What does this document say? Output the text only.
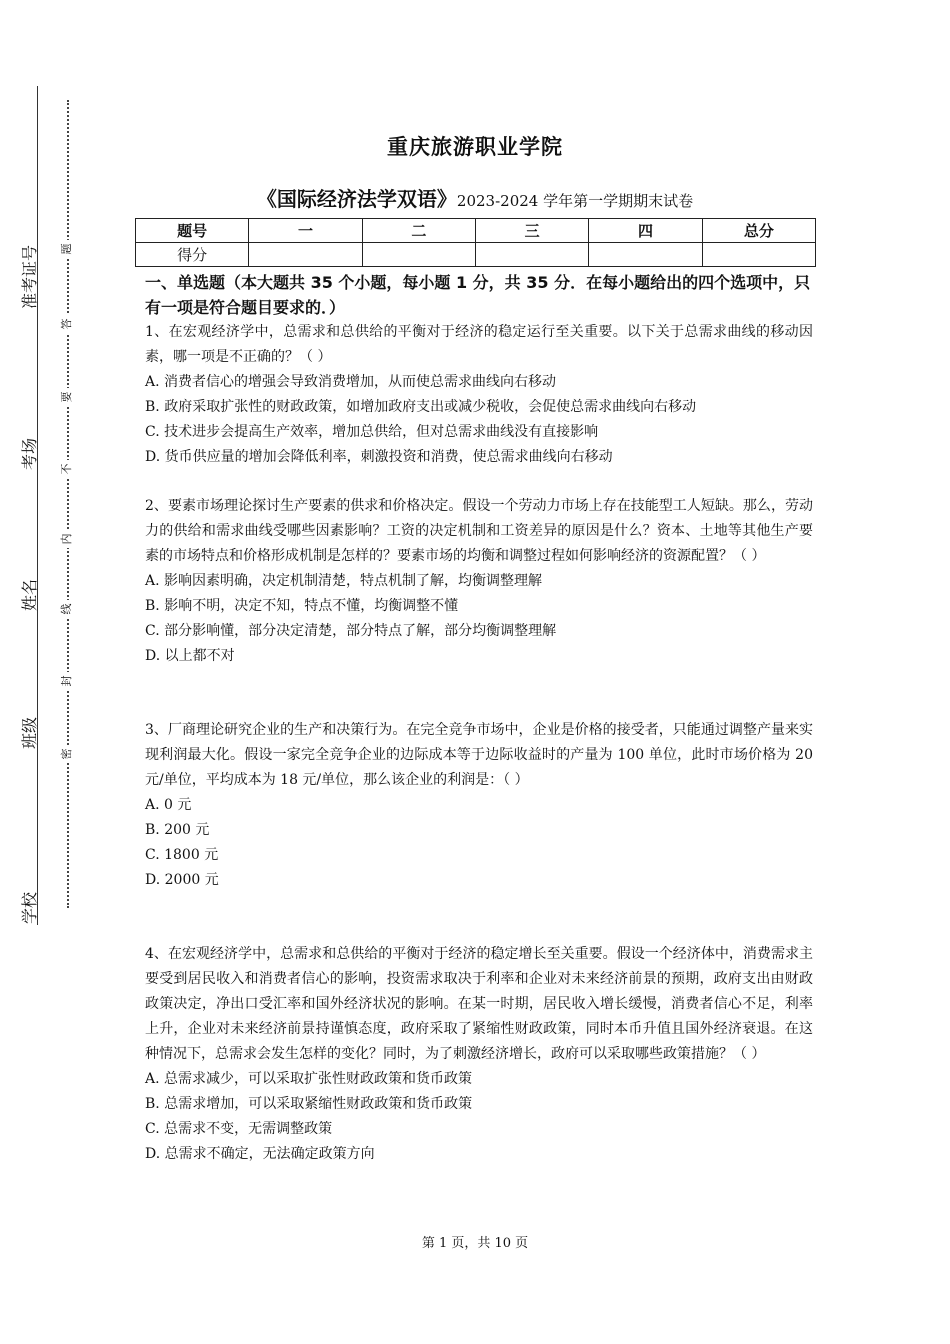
准考证号
考场
姓名
班级
学校
题
答
要
不
内
线
封
密
重庆旅游职业学院
《国际经济法学双语》2023-2024 学年第一学期期末试卷
题号	一	二	三	四	总分
得分					
一、单选题（本大题共 35 个小题，每小题 1 分，共 35 分．在每小题给出的四个选项中，只有一项是符合题目要求的．）
1、在宏观经济学中，总需求和总供给的平衡对于经济的稳定运行至关重要。以下关于总需求曲线的移动因素，哪一项是不正确的？（ ）
A. 消费者信心的增强会导致消费增加，从而使总需求曲线向右移动
B. 政府采取扩张性的财政政策，如增加政府支出或减少税收，会促使总需求曲线向右移动
C. 技术进步会提高生产效率，增加总供给，但对总需求曲线没有直接影响
D. 货币供应量的增加会降低利率，刺激投资和消费，使总需求曲线向右移动
2、要素市场理论探讨生产要素的供求和价格决定。假设一个劳动力市场上存在技能型工人短缺。那么，劳动力的供给和需求曲线受哪些因素影响？工资的决定机制和工资差异的原因是什么？资本、土地等其他生产要素的市场特点和价格形成机制是怎样的？要素市场的均衡和调整过程如何影响经济的资源配置？（ ）
A. 影响因素明确，决定机制清楚，特点机制了解，均衡调整理解
B. 影响不明，决定不知，特点不懂，均衡调整不懂
C. 部分影响懂，部分决定清楚，部分特点了解，部分均衡调整理解
D. 以上都不对
3、厂商理论研究企业的生产和决策行为。在完全竞争市场中，企业是价格的接受者，只能通过调整产量来实现利润最大化。假设一家完全竞争企业的边际成本等于边际收益时的产量为 100 单位，此时市场价格为 20 元/单位，平均成本为 18 元/单位，那么该企业的利润是：（ ）
A. 0 元
B. 200 元
C. 1800 元
D. 2000 元
4、在宏观经济学中，总需求和总供给的平衡对于经济的稳定增长至关重要。假设一个经济体中，消费需求主要受到居民收入和消费者信心的影响，投资需求取决于利率和企业对未来经济前景的预期，政府支出由财政政策决定，净出口受汇率和国外经济状况的影响。在某一时期，居民收入增长缓慢，消费者信心不足，利率上升，企业对未来经济前景持谨慎态度，政府采取了紧缩性财政政策，同时本币升值且国外经济衰退。在这种情况下，总需求会发生怎样的变化？同时，为了刺激经济增长，政府可以采取哪些政策措施？（ ）
A. 总需求减少，可以采取扩张性财政政策和货币政策
B. 总需求增加，可以采取紧缩性财政政策和货币政策
C. 总需求不变，无需调整政策
D. 总需求不确定，无法确定政策方向
第 1 页，共 10 页
